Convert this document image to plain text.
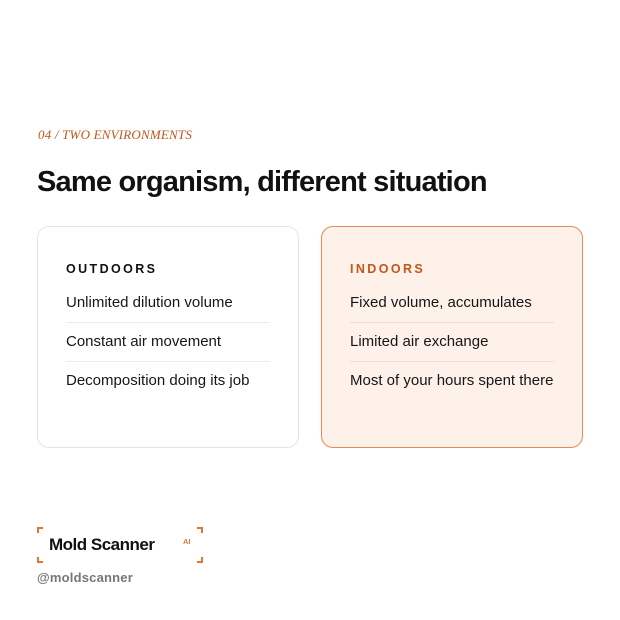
04 / TWO ENVIRONMENTS
Same organism, different situation
OUTDOORS
Unlimited dilution volume
Constant air movement
Decomposition doing its job
INDOORS
Fixed volume, accumulates
Limited air exchange
Most of your hours spent there
Mold Scanner	AI
@moldscanner
